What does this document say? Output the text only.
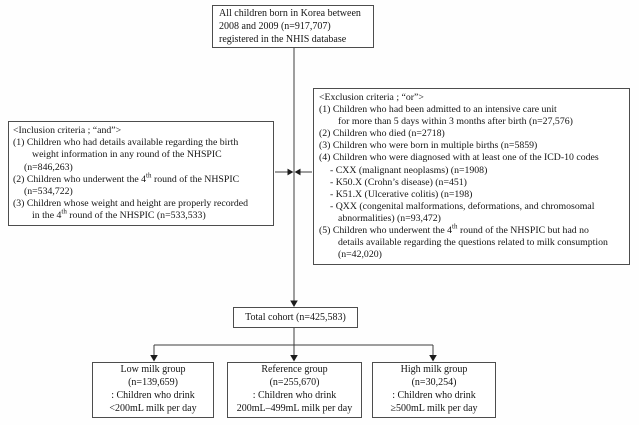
All children born in Korea between
2008 and 2009 (n=917,707)
registered in the NHIS database
<Inclusion criteria ; “and”>
(1) Children who had details available regarding the birth
weight information in any round of the NHSPIC
(n=846,263)
(2) Children who underwent the 4th round of the NHSPIC
(n=534,722)
(3) Children whose weight and height are properly recorded
in the 4th round of the NHSPIC (n=533,533)
<Exclusion criteria ; “or”>
(1) Children who had been admitted to an intensive care unit
for more than 5 days within 3 months after birth (n=27,576)
(2) Children who died (n=2718)
(3) Children who were born in multiple births (n=5859)
(4) Children who were diagnosed with at least one of the ICD-10 codes
- CXX (malignant neoplasms) (n=1908)
- K50.X (Crohn’s disease) (n=451)
- K51.X (Ulcerative colitis) (n=198)
- QXX (congenital malformations, deformations, and chromosomal
abnormalities) (n=93,472)
(5) Children who underwent the 4th round of the NHSPIC but had no
details available regarding the questions related to milk consumption
(n=42,020)
Total cohort (n=425,583)
Low milk group
(n=139,659)
: Children who drink
<200mL milk per day
Reference group
(n=255,670)
: Children who drink
200mL–499mL milk per day
High milk group
(n=30,254)
: Children who drink
≥500mL milk per day
